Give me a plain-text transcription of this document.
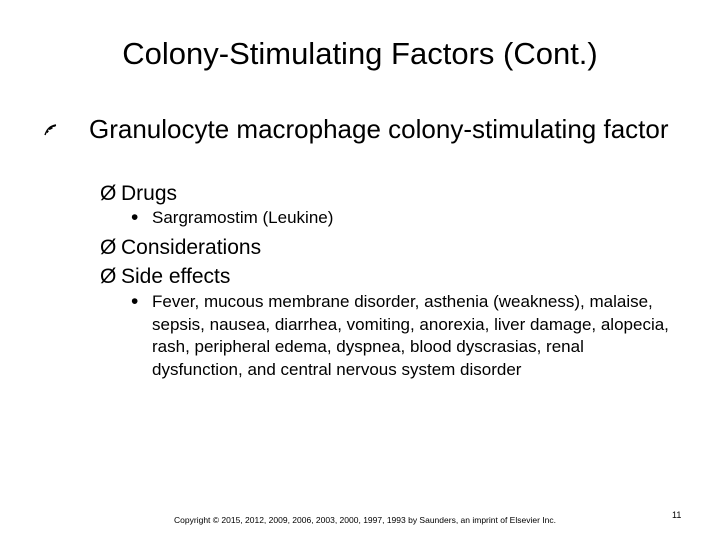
Colony-Stimulating Factors (Cont.)
Granulocyte macrophage colony-stimulating factor
Ø Drugs
• Sargramostim (Leukine)
Ø Considerations
Ø Side effects
• Fever, mucous membrane disorder, asthenia (weakness), malaise, sepsis, nausea, diarrhea, vomiting, anorexia, liver damage, alopecia, rash, peripheral edema, dyspnea, blood dyscrasias, renal dysfunction, and central nervous system disorder
Copyright © 2015, 2012, 2009, 2006, 2003, 2000, 1997, 1993 by Saunders, an imprint of Elsevier Inc.	11
